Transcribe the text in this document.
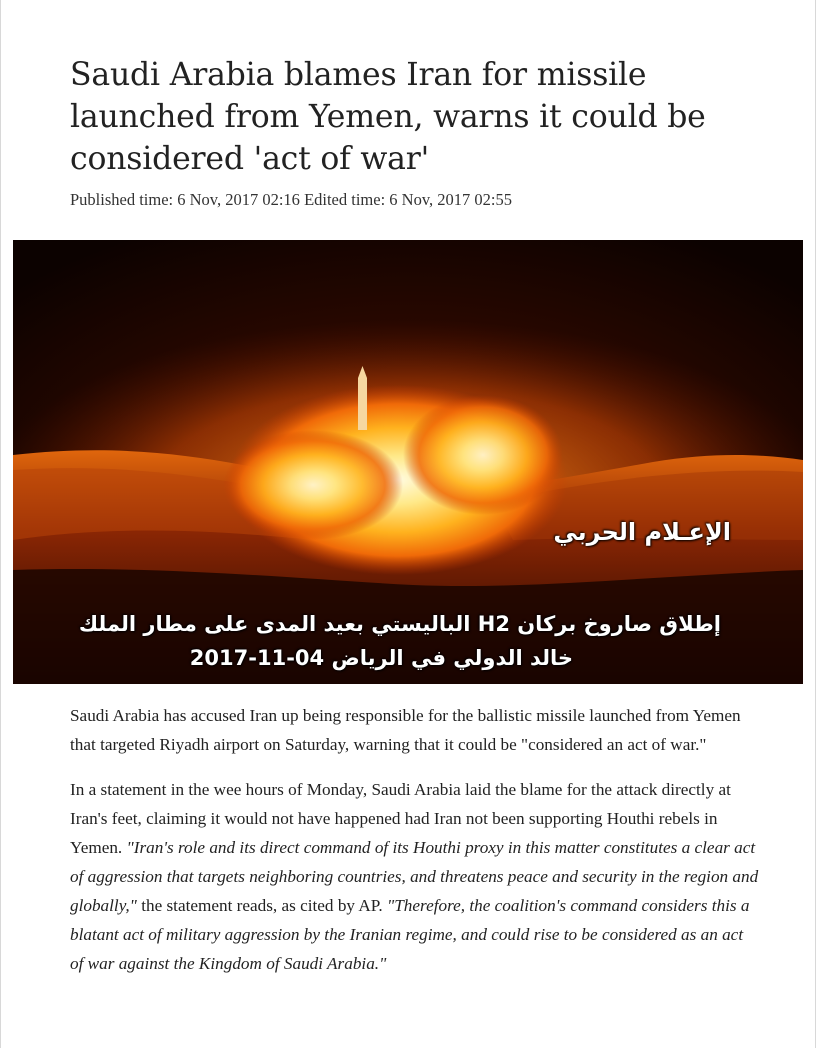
Saudi Arabia blames Iran for missile launched from Yemen, warns it could be considered 'act of war'
Published time: 6 Nov, 2017 02:16 Edited time: 6 Nov, 2017 02:55
الإعـلام الحربي
إطلاق صاروخ بركان H2 الباليستي بعيد المدى على مطار الملك
خالد الدولي في الرياض 04-11-2017

Saudi Arabia has accused Iran up being responsible for the ballistic missile launched from Yemen that targeted Riyadh airport on Saturday, warning that it could be "considered an act of war."

In a statement in the wee hours of Monday, Saudi Arabia laid the blame for the attack directly at Iran's feet, claiming it would not have happened had Iran not been supporting Houthi rebels in Yemen. "Iran's role and its direct command of its Houthi proxy in this matter constitutes a clear act of aggression that targets neighboring countries, and threatens peace and security in the region and globally," the statement reads, as cited by AP. "Therefore, the coalition's command considers this a blatant act of military aggression by the Iranian regime, and could rise to be considered as an act of war against the Kingdom of Saudi Arabia."
